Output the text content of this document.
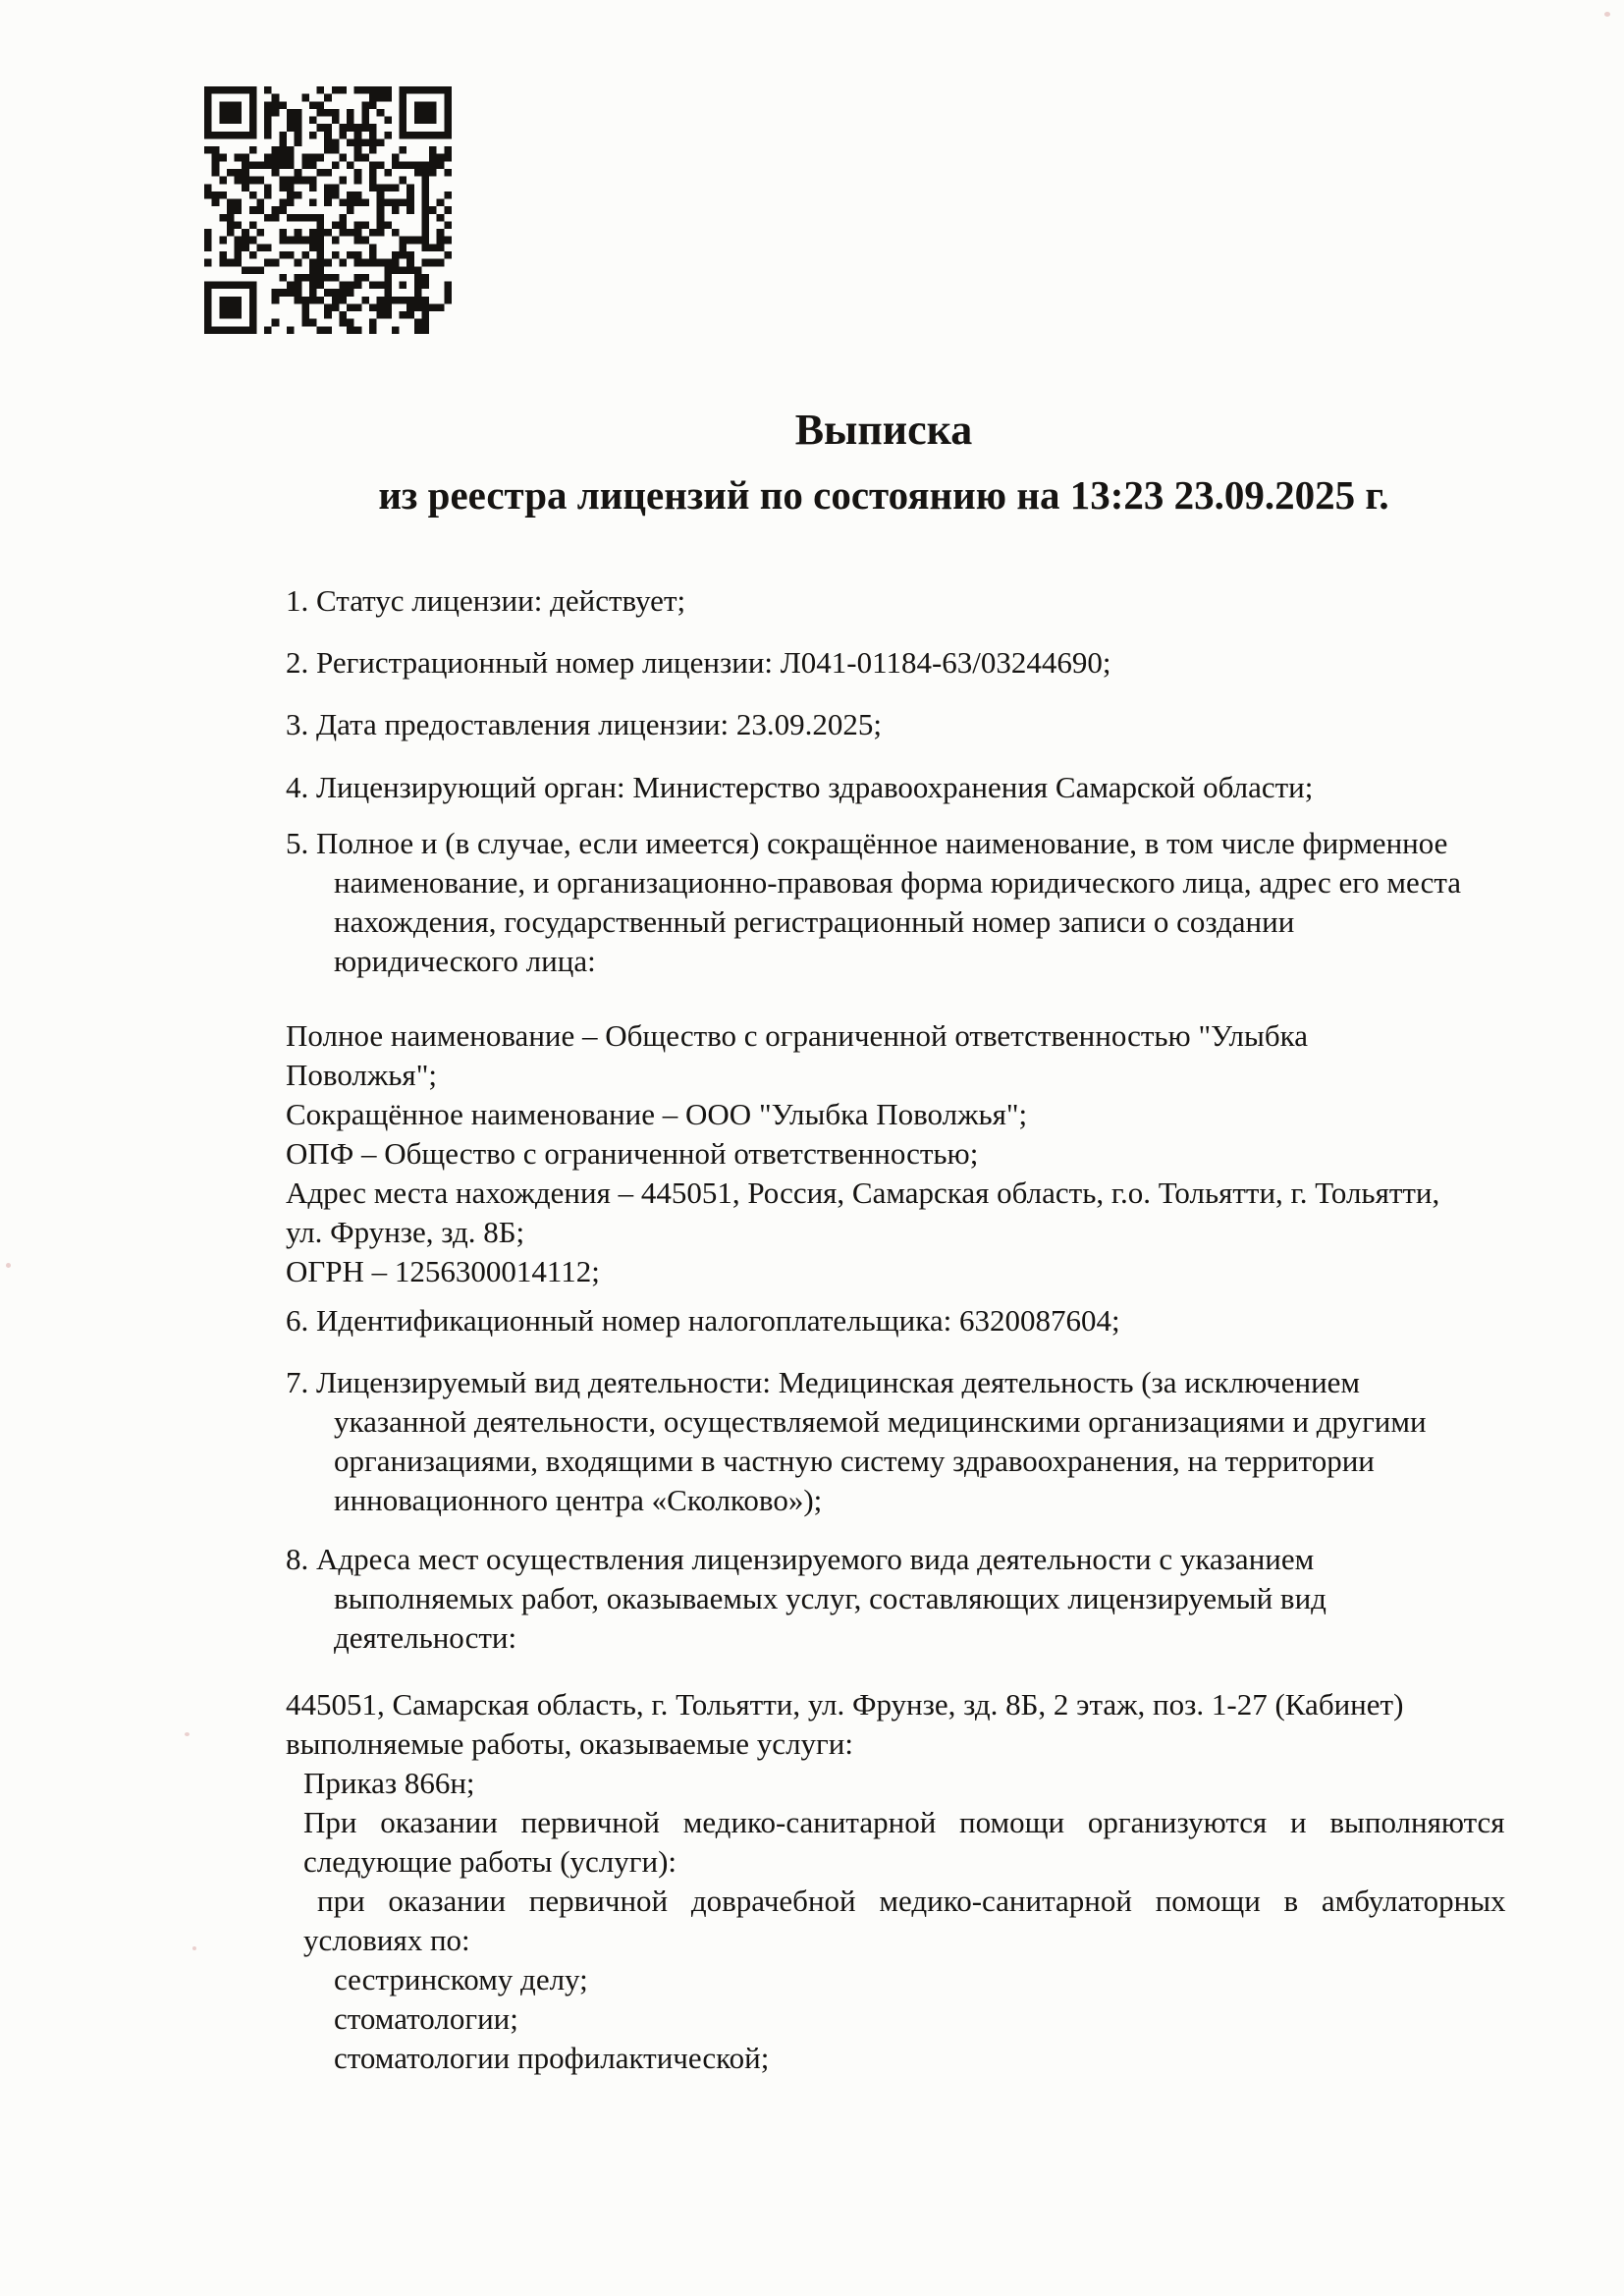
Выписка
из реестра лицензий по состоянию на 13:23 23.09.2025 г.
1. Статус лицензии: действует;
2. Регистрационный номер лицензии: Л041-01184-63/03244690;
3. Дата предоставления лицензии: 23.09.2025;
4. Лицензирующий орган: Министерство здравоохранения Самарской области;
5. Полное и (в случае, если имеется) сокращённое наименование, в том числе фирменное
наименование, и организационно-правовая форма юридического лица, адрес его места
нахождения, государственный регистрационный номер записи о создании
юридического лица:
Полное наименование – Общество с ограниченной ответственностью "Улыбка
Поволжья";
Сокращённое наименование – ООО "Улыбка Поволжья";
ОПФ – Общество с ограниченной ответственностью;
Адрес места нахождения – 445051, Россия, Самарская область, г.о. Тольятти, г. Тольятти,
ул. Фрунзе, зд. 8Б;
ОГРН – 1256300014112;
6. Идентификационный номер налогоплательщика: 6320087604;
7. Лицензируемый вид деятельности: Медицинская деятельность (за исключением
указанной деятельности, осуществляемой медицинскими организациями и другими
организациями, входящими в частную систему здравоохранения, на территории
инновационного центра «Сколково»);
8. Адреса мест осуществления лицензируемого вида деятельности с указанием
выполняемых работ, оказываемых услуг, составляющих лицензируемый вид
деятельности:
445051, Самарская область, г. Тольятти, ул. Фрунзе, зд. 8Б, 2 этаж, поз. 1-27 (Кабинет)
выполняемые работы, оказываемые услуги:
Приказ 866н;
При оказании первичной медико-санитарной помощи организуются и выполняются
следующие работы (услуги):
при оказании первичной доврачебной медико-санитарной помощи в амбулаторных
условиях по:
сестринскому делу;
стоматологии;
стоматологии профилактической;
